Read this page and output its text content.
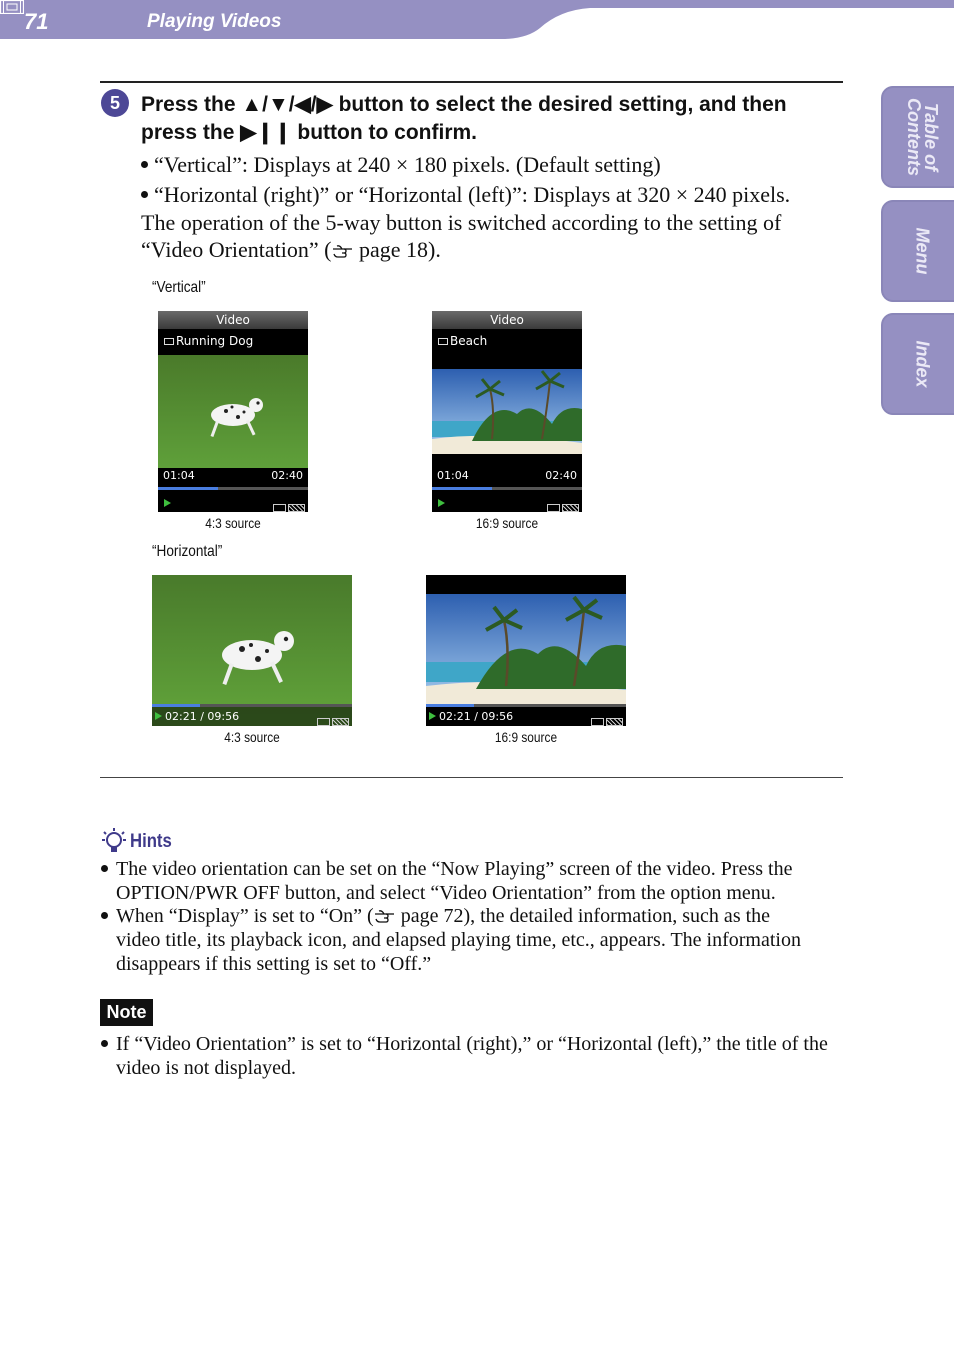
71	Playing Videos
Table of
Contents
Menu
Index
5	Press the ▲/▼/◀/▶ button to select the desired setting, and then
press the ▶❙❙ button to confirm.
“Vertical”: Displays at 240 × 180 pixels. (Default setting)
“Horizontal (right)” or “Horizontal (left)”: Displays at 320 × 240 pixels.
The operation of the 5-way button is switched according to the setting of
“Video Orientation” ( page 18).
“Vertical”
Video
Running Dog
01:04	02:40
4:3 source
Video
Beach
01:04	02:40
16:9 source
“Horizontal”
02:21 / 09:56
4:3 source
02:21 / 09:56
16:9 source
Hints
The video orientation can be set on the “Now Playing” screen of the video. Press the
OPTION/PWR OFF button, and select “Video Orientation” from the option menu.
When “Display” is set to “On” ( page 72), the detailed information, such as the
video title, its playback icon, and elapsed playing time, etc., appears. The information
disappears if this setting is set to “Off.”
Note
If “Video Orientation” is set to “Horizontal (right),” or “Horizontal (left),” the title of the
video is not displayed.
